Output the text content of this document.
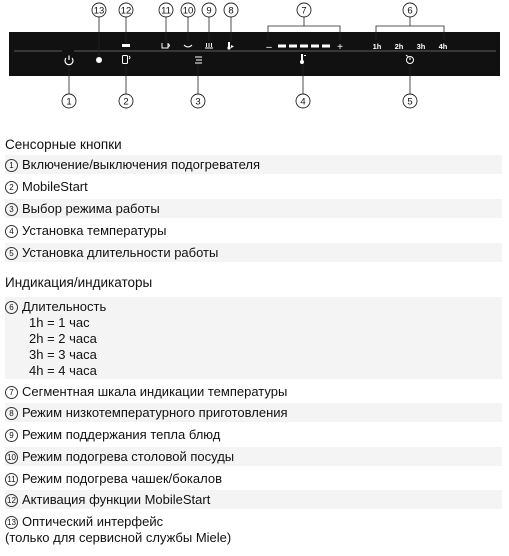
13 12	11 10 9 8	7	6
1	2	3	4	5
–	+	1h 2h 3h 4h
Сенсорные кнопки
1 Включение/выключения подогревателя
2 MobileStart
3 Выбор режима работы
4 Установка температуры
5 Установка длительности работы
Индикация/индикаторы
6 Длительность
1h = 1 час
2h = 2 часа
3h = 3 часа
4h = 4 часа
7 Сегментная шкала индикации температуры
8 Режим низкотемпературного приготовления
9 Режим поддержания тепла блюд
10 Режим подогрева столовой посуды
11 Режим подогрева чашек/бокалов
12 Активация функции MobileStart
13 Оптический интерфейс
(только для сервисной службы Miele)
